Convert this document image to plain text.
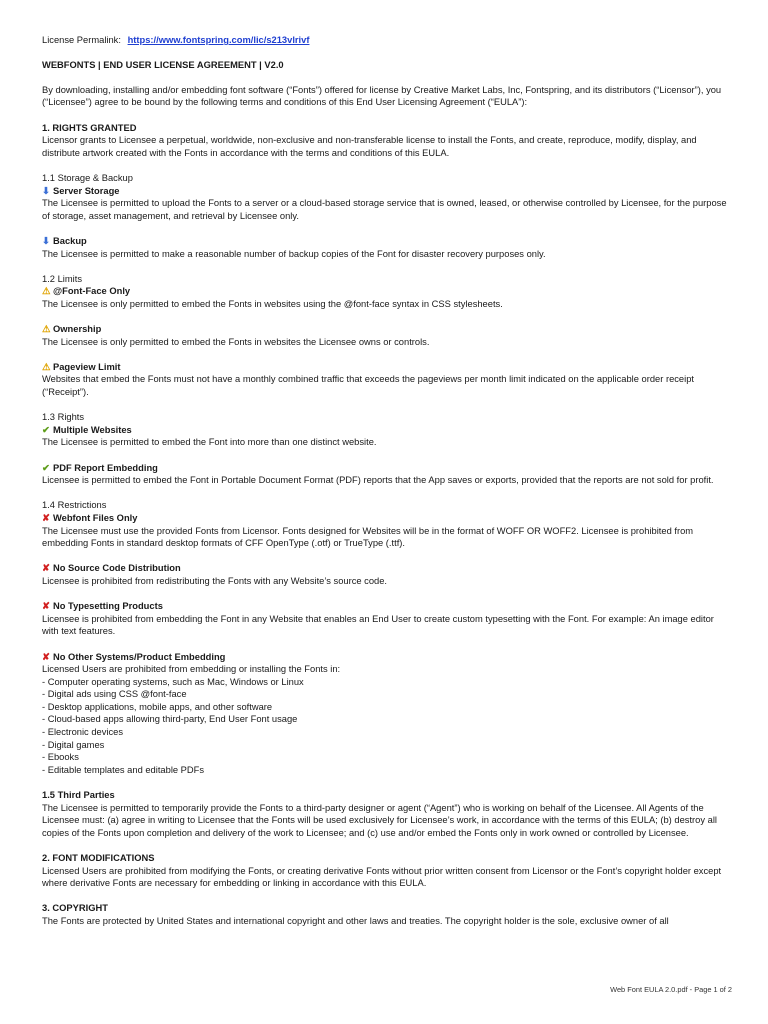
License Permalink: https://www.fontspring.com/lic/s213vlrivf
WEBFONTS | END USER LICENSE AGREEMENT | V2.0

By downloading, installing and/or embedding font software (“Fonts”) offered for license by Creative Market Labs, Inc, Fontspring, and its distributors (“Licensor”), you (“Licensee”) agree to be bound by the following terms and conditions of this End User Licensing Agreement (“EULA”):

1. RIGHTS GRANTED

Licensor grants to Licensee a perpetual, worldwide, non-exclusive and non-transferable license to install the Fonts, and create, reproduce, modify, display, and distribute artwork created with the Fonts in accordance with the terms and conditions of this EULA.

1.1 Storage & Backup

⬇ Server Storage

The Licensee is permitted to upload the Fonts to a server or a cloud-based storage service that is owned, leased, or otherwise controlled by Licensee, for the purpose of storage, asset management, and retrieval by Licensee only.

⬇ Backup

The Licensee is permitted to make a reasonable number of backup copies of the Font for disaster recovery purposes only.

1.2 Limits

⚠ @Font-Face Only

The Licensee is only permitted to embed the Fonts in websites using the @font-face syntax in CSS stylesheets.

⚠ Ownership

The Licensee is only permitted to embed the Fonts in websites the Licensee owns or controls.

⚠ Pageview Limit

Websites that embed the Fonts must not have a monthly combined traffic that exceeds the pageviews per month limit indicated on the applicable order receipt (“Receipt”).

1.3 Rights

✔ Multiple Websites

The Licensee is permitted to embed the Font into more than one distinct website.

✔ PDF Report Embedding

Licensee is permitted to embed the Font in Portable Document Format (PDF) reports that the App saves or exports, provided that the reports are not sold for profit.

1.4 Restrictions

✘ Webfont Files Only

The Licensee must use the provided Fonts from Licensor. Fonts designed for Websites will be in the format of WOFF OR WOFF2. Licensee is prohibited from embedding Fonts in standard desktop formats of CFF OpenType (.otf) or TrueType (.ttf).

✘ No Source Code Distribution

Licensee is prohibited from redistributing the Fonts with any Website’s source code.

✘ No Typesetting Products

Licensee is prohibited from embedding the Font in any Website that enables an End User to create custom typesetting with the Font. For example: An image editor with text features.

✘ No Other Systems/Product Embedding

Licensed Users are prohibited from embedding or installing the Fonts in:

- Computer operating systems, such as Mac, Windows or Linux

- Digital ads using CSS @font-face

- Desktop applications, mobile apps, and other software

- Cloud-based apps allowing third-party, End User Font usage

- Electronic devices

- Digital games

- Ebooks

- Editable templates and editable PDFs

1.5 Third Parties

The Licensee is permitted to temporarily provide the Fonts to a third-party designer or agent (“Agent”) who is working on behalf of the Licensee. All Agents of the Licensee must: (a) agree in writing to Licensee that the Fonts will be used exclusively for Licensee’s work, in accordance with the terms of this EULA; (b) destroy all copies of the Fonts upon completion and delivery of the work to Licensee; and (c) use and/or embed the Fonts only in work owned or controlled by Licensee.

2. FONT MODIFICATIONS

Licensed Users are prohibited from modifying the Fonts, or creating derivative Fonts without prior written consent from Licensor or the Font’s copyright holder except where derivative Fonts are necessary for embedding or linking in accordance with this EULA.

3. COPYRIGHT

The Fonts are protected by United States and international copyright and other laws and treaties. The copyright holder is the sole, exclusive owner of all

Web Font EULA 2.0.pdf - Page 1 of 2
